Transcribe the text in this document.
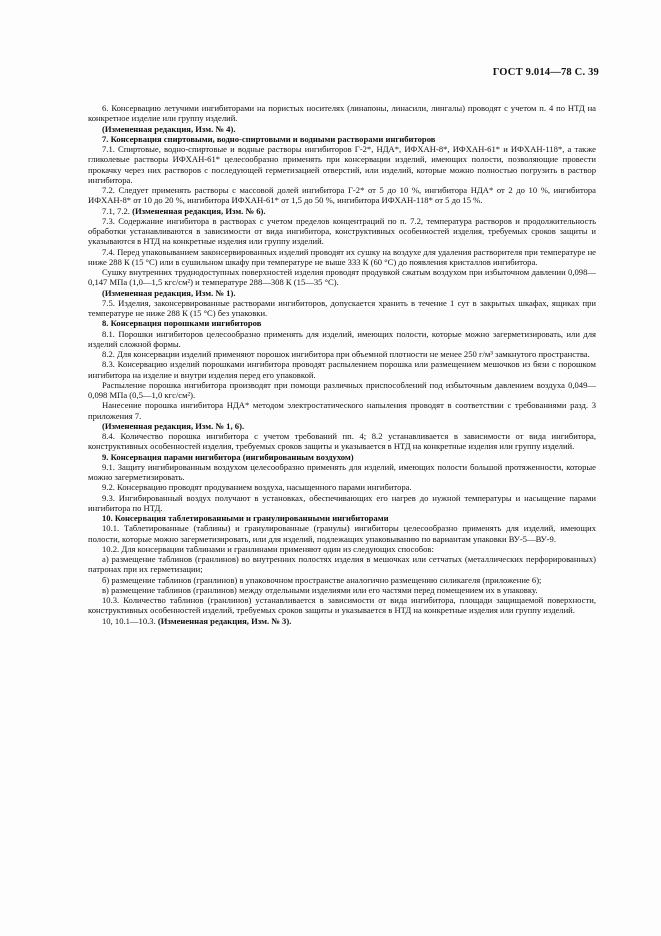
ГОСТ 9.014—78 С. 39

6. Консервацию летучими ингибиторами на пористых носителях (линапоны, линасили, лингалы) проводят с учетом п. 4 по НТД на конкретное изделие или группу изделий.

(Измененная редакция, Изм. № 4).

7. Консервация спиртовыми, водно-спиртовыми и водными растворами ингибиторов

7.1. Спиртовые, водно-спиртовые и водные растворы ингибиторов Г-2*, НДА*, ИФХАН-8*, ИФХАН-61* и ИФХАН-118*, а также гликолевые растворы ИФХАН-61* целесообразно применять при консервации изделий, имеющих полости, позволяющие провести прокачку через них растворов с последующей герметизацией отверстий, или изделий, которые можно полностью погрузить в раствор ингибитора.

7.2. Следует применять растворы с массовой долей ингибитора Г-2* от 5 до 10 %, ингибитора НДА* от 2 до 10 %, ингибитора ИФХАН-8* от 10 до 20 %, ингибитора ИФХАН-61* от 1,5 до 50 %, ингибитора ИФХАН-118* от 5 до 15 %.

7.1, 7.2. (Измененная редакция, Изм. № 6).

7.3. Содержание ингибитора в растворах с учетом пределов концентраций по п. 7.2, температура растворов и продолжительность обработки устанавливаются в зависимости от вида ингибитора, конструктивных особенностей изделия, требуемых сроков защиты и указываются в НТД на конкретные изделия или группу изделий.

7.4. Перед упаковыванием законсервированных изделий проводят их сушку на воздухе для удаления растворителя при температуре не ниже 288 К (15 °С) или в сушильном шкафу при температуре не выше 333 К (60 °С) до появления кристаллов ингибитора.

Сушку внутренних труднодоступных поверхностей изделия проводят продувкой сжатым воздухом при избыточном давлении 0,098—0,147 МПа (1,0—1,5 кгс/см²) и температуре 288—308 К (15—35 °С).

(Измененная редакция, Изм. № 1).

7.5. Изделия, законсервированные растворами ингибиторов, допускается хранить в течение 1 сут в закрытых шкафах, ящиках при температуре не ниже 288 К (15 °С) без упаковки.

8. Консервация порошками ингибиторов

8.1. Порошки ингибиторов целесообразно применять для изделий, имеющих полости, которые можно загерметизировать, или для изделий сложной формы.

8.2. Для консервации изделий применяют порошок ингибитора при объемной плотности не менее 250 г/м³ замкнутого пространства.

8.3. Консервацию изделий порошками ингибитора проводят распылением порошка или размещением мешочков из бязи с порошком ингибитора на изделие и внутри изделия перед его упаковкой.

Распыление порошка ингибитора производят при помощи различных приспособлений под избыточным давлением воздуха 0,049—0,098 МПа (0,5—1,0 кгс/см²).

Нанесение порошка ингибитора НДА* методом электростатического напыления проводят в соответствии с требованиями разд. 3 приложения 7.

(Измененная редакция, Изм. № 1, 6).

8.4. Количество порошка ингибитора с учетом требований пп. 4; 8.2 устанавливается в зависимости от вида ингибитора, конструктивных особенностей изделия, требуемых сроков защиты и указывается в НТД на конкретные изделия или группу изделий.

9. Консервация парами ингибитора (ингибированным воздухом)

9.1. Защиту ингибированным воздухом целесообразно применять для изделий, имеющих полости большой протяженности, которые можно загерметизировать.

9.2. Консервацию проводят продуванием воздуха, насыщенного парами ингибитора.

9.3. Ингибированный воздух получают в установках, обеспечивающих его нагрев до нужной температуры и насыщение парами ингибитора по НТД.

10. Консервация таблетированными и гранулированными ингибиторами

10.1. Таблетированные (таблины) и гранулированные (гранулы) ингибиторы целесообразно применять для изделий, имеющих полости, которые можно загерметизировать, или для изделий, подлежащих упаковыванию по вариантам упаковки ВУ-5—ВУ-9.

10.2. Для консервации таблинами и гранлинами применяют один из следующих способов:

а) размещение таблинов (гранлинов) во внутренних полостях изделия в мешочках или сетчатых (металлических перфорированных) патронах при их герметизации;

б) размещение таблинов (гранлинов) в упаковочном пространстве аналогично размещению силикагеля (приложение 6);

в) размещение таблинов (гранлинов) между отдельными изделиями или его частями перед помещением их в упаковку.

10.3. Количество таблинов (гранлинов) устанавливается в зависимости от вида ингибитора, площади защищаемой поверхности, конструктивных особенностей изделий, требуемых сроков защиты и указывается в НТД на конкретные изделия или группу изделий.

10, 10.1—10.3. (Измененная редакция, Изм. № 3).
